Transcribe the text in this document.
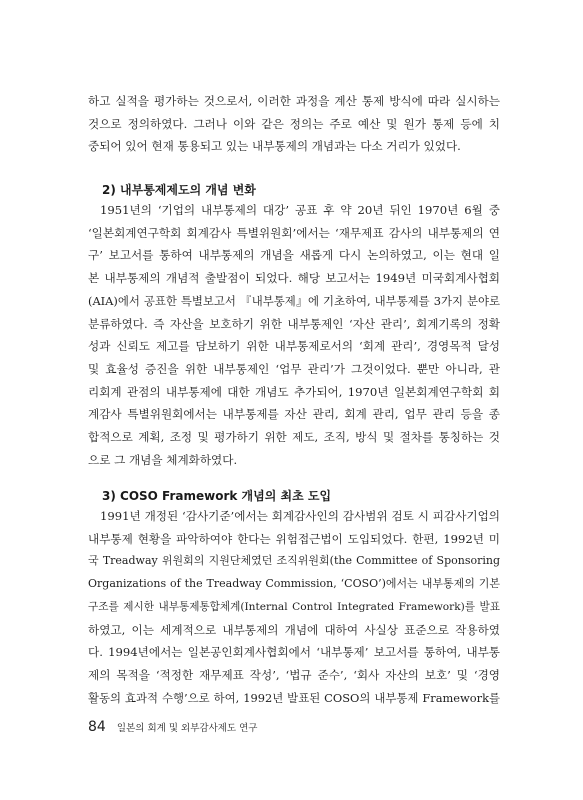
하고 실적을 평가하는 것으로서, 이러한 과정을 계산 통제 방식에 따라 실시하는
것으로 정의하였다. 그러나 이와 같은 정의는 주로 예산 및 원가 통제 등에 치
중되어 있어 현재 통용되고 있는 내부통제의 개념과는 다소 거리가 있었다.
2) 내부통제제도의 개념 변화
1951년의 ‘기업의 내부통제의 대강’ 공표 후 약 20년 뒤인 1970년 6월 중
‘일본회계연구학회 회계감사 특별위원회’에서는 ‘재무제표 감사의 내부통제의 연
구’ 보고서를 통하여 내부통제의 개념을 새롭게 다시 논의하였고, 이는 현대 일
본 내부통제의 개념적 출발점이 되었다. 해당 보고서는 1949년 미국회계사협회
(AIA)에서 공표한 특별보고서 『내부통제』에 기초하여, 내부통제를 3가지 분야로
분류하였다. 즉 자산을 보호하기 위한 내부통제인 ‘자산 관리’, 회계기록의 정확
성과 신뢰도 제고를 담보하기 위한 내부통제로서의 ‘회계 관리’, 경영목적 달성
및 효율성 증진을 위한 내부통제인 ‘업무 관리’가 그것이었다. 뿐만 아니라, 관
리회계 관점의 내부통제에 대한 개념도 추가되어, 1970년 일본회계연구학회 회
계감사 특별위원회에서는 내부통제를 자산 관리, 회계 관리, 업무 관리 등을 종
합적으로 계획, 조정 및 평가하기 위한 제도, 조직, 방식 및 절차를 통칭하는 것
으로 그 개념을 체계화하였다.
3) COSO Framework 개념의 최초 도입
1991년 개정된 ‘감사기준’에서는 회계감사인의 감사범위 검토 시 피감사기업의
내부통제 현황을 파악하여야 한다는 위험접근법이 도입되었다. 한편, 1992년 미
국 Treadway 위원회의 지원단체였던 조직위원회(the Committee of Sponsoring
Organizations of the Treadway Commission, ‘COSO’)에서는 내부통제의 기본
구조를 제시한 내부통제통합체계(Internal Control Integrated Framework)를 발표
하였고, 이는 세계적으로 내부통제의 개념에 대하여 사실상 표준으로 작용하였
다. 1994년에서는 일본공인회계사협회에서 ‘내부통제’ 보고서를 통하여, 내부통
제의 목적을 ‘적정한 재무제표 작성’, ‘법규 준수’, ‘회사 자산의 보호’ 및 ‘경영
활동의 효과적 수행’으로 하여, 1992년 발표된 COSO의 내부통제 Framework를
84 일본의 회계 및 외부감사제도 연구
